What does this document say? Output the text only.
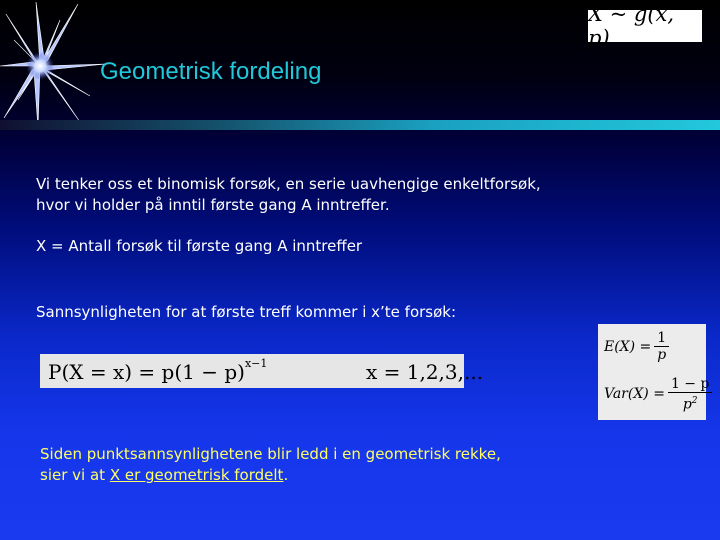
Geometrisk fordeling
X ~ g(x, p)
Vi tenker oss et binomisk forsøk, en serie uavhengige enkeltforsøk,
hvor vi holder på inntil første gang A inntreffer.
X = Antall forsøk til første gang A inntreffer
Sannsynligheten for at første treff kommer i x’te forsøk:
$P(X = x) = p(1 - p)^{x-1}$	x = 1,2,3,...
$E(X) = \frac{1}{p}$
$Var(X) = \frac{1 - p}{p^2}$
Siden punktsannsynlighetene blir ledd i en geometrisk rekke,
sier vi at X er geometrisk fordelt.
